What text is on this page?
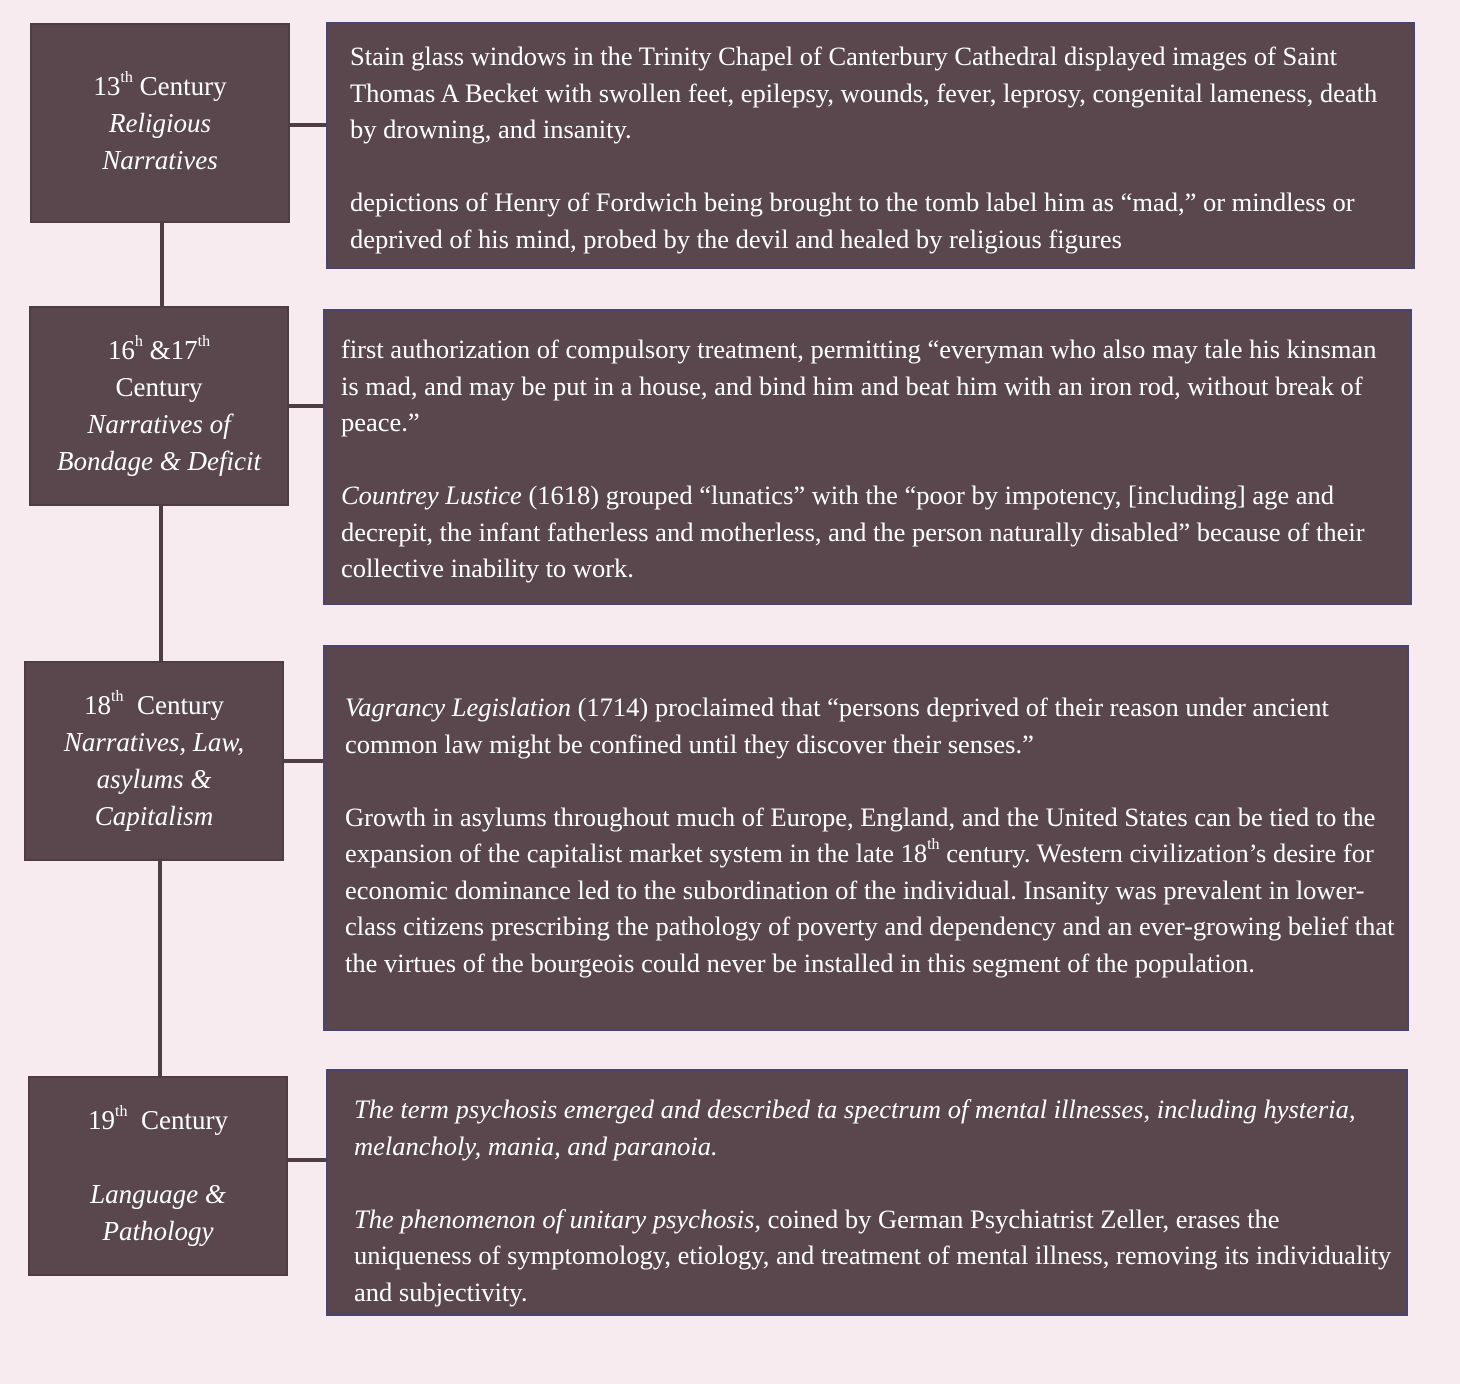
13th Century
Religious
Narratives

Stain glass windows in the Trinity Chapel of Canterbury Cathedral displayed images of Saint Thomas A Becket with swollen feet, epilepsy, wounds, fever, leprosy, congenital lameness, death by drowning, and insanity.

depictions of Henry of Fordwich being brought to the tomb label him as “mad,” or mindless or deprived of his mind, probed by the devil and healed by religious figures

16$^h$ &17th
Century
Narratives of
Bondage & Deficit

first authorization of compulsory treatment, permitting “everyman who also may tale his kinsman is mad, and may be put in a house, and bind him and beat him with an iron rod, without break of peace.”

Countrey Lustice (1618) grouped “lunatics” with the “poor by impotency, [including] age and decrepit, the infant fatherless and motherless, and the person naturally disabled” because of their collective inability to work.

18th Century
Narratives, Law,
asylums &
Capitalism

Vagrancy Legislation (1714) proclaimed that “persons deprived of their reason under ancient common law might be confined until they discover their senses.”

Growth in asylums throughout much of Europe, England, and the United States can be tied to the expansion of the capitalist market system in the late 18th century. Western civilization’s desire for economic dominance led to the subordination of the individual. Insanity was prevalent in lower-class citizens prescribing the pathology of poverty and dependency and an ever-growing belief that the virtues of the bourgeois could never be installed in this segment of the population.

19th Century
Language &
Pathology

The term psychosis emerged and described ta spectrum of mental illnesses, including hysteria, melancholy, mania, and paranoia.

The phenomenon of unitary psychosis, coined by German Psychiatrist Zeller, erases the uniqueness of symptomology, etiology, and treatment of mental illness, removing its individuality and subjectivity.
